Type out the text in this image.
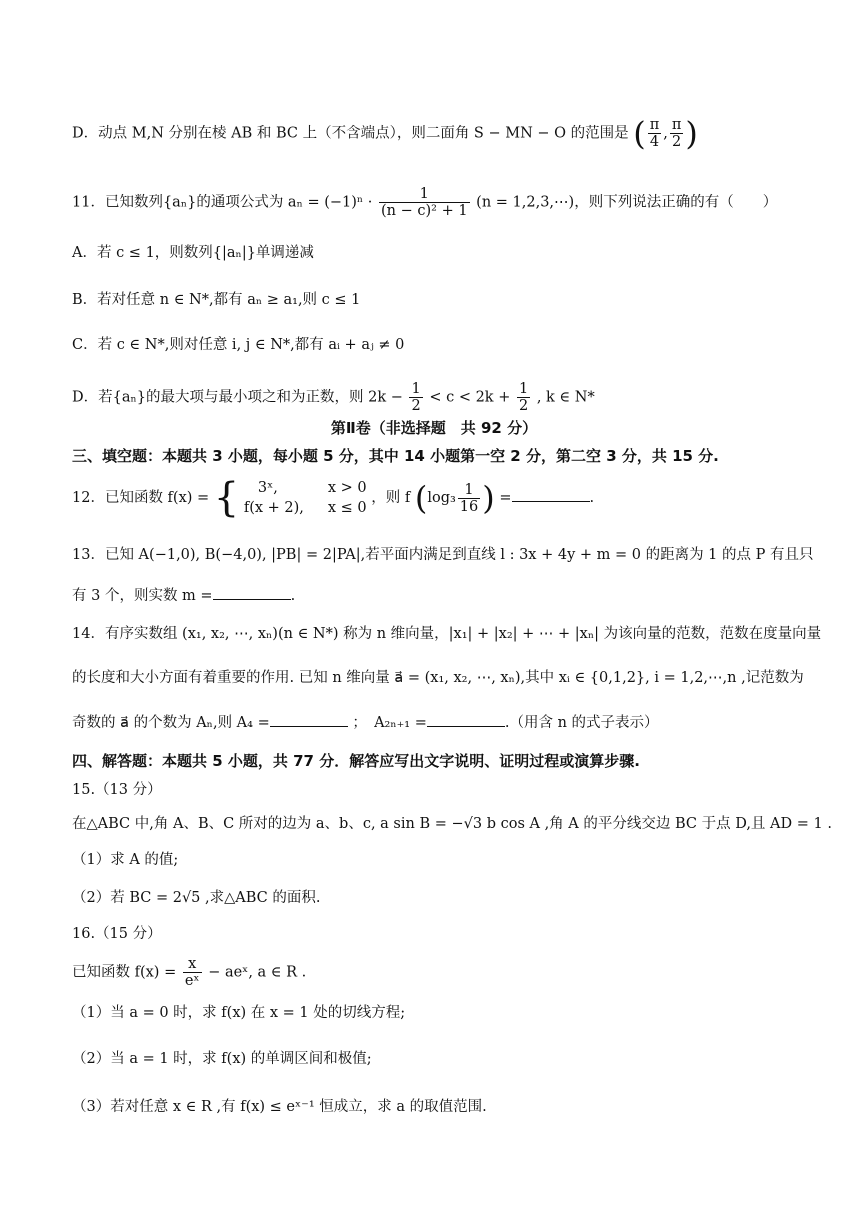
D．动点 M,N 分别在棱 AB 和 BC 上（不含端点），则二面角 S − MN − O 的范围是 ( $\frac{\pi}{4}$ , $\frac{\pi}{2}$ )
11．已知数列{aₙ}的通项公式为 $a_n = (-1)^n \cdot \frac{1}{\text{(n − c)² + 1}} (n$ = 1,2,3,⋯)，则下列说法正确的有（　　）
A．若 c ≤ 1，则数列{|aₙ|}单调递减
B．若对任意 n ∈ N*,都有 aₙ ≥ a₁,则 c ≤ 1
C．若 c ∈ N*,则对任意 i, j ∈ N*,都有 aᵢ + aⱼ ≠ 0
D．若{aₙ}的最大项与最小项之和为正数，则 $2k - \frac{1}{2} < c < 2k + \frac{1}{2}$ , k ∈ N*
第Ⅱ卷（非选择题　共 92 分）
三、填空题：本题共 3 小题，每小题 5 分，其中 14 小题第一空 2 分，第二空 3 分，共 15 分.
12．已知函数 f(x) = {	3ˣ,	x > 0
f(x + 2), x ≤ 0
，则 f ($\log_3 \frac{1}{16}$ ) =	.
13．已知 A(−1,0), B(−4,0), |PB| = 2|PA|,若平面内满足到直线 l : 3x + 4y + m = 0 的距离为 1 的点 P 有且只
有 3 个，则实数 m =	.
14．有序实数组 (x₁, x₂, ⋯, xₙ)(n ∈ N*) 称为 n 维向量，|x₁| + |x₂| + ⋯ + |xₙ| 为该向量的范数，范数在度量向量
的长度和大小方面有着重要的作用. 已知 n 维向量 a⃗ = (x₁, x₂, ⋯, xₙ),其中 xᵢ ∈ {0,1,2}, i = 1,2,⋯,n ,记范数为
奇数的 a⃗ 的个数为 Aₙ,则 A₄ =	；　A₂ₙ₊₁ =	.（用含 n 的式子表示）
四、解答题：本题共 5 小题，共 77 分．解答应写出文字说明、证明过程或演算步骤.
15.（13 分）
在△ABC 中,角 A、B、C 所对的边为 a、b、c, a sin B = −√3 b cos A ,角 A 的平分线交边 BC 于点 D,且 AD = 1 .
（1）求 A 的值;
（2）若 BC = 2√5 ,求△ABC 的面积.
16.（15 分）
已知函数 $f(x) = \frac{x}{\text{eˣ}}$ − aeˣ, a ∈ R .
（1）当 a = 0 时，求 f(x) 在 x = 1 处的切线方程;
（2）当 a = 1 时，求 f(x) 的单调区间和极值;
（3）若对任意 x ∈ R ,有 f(x) ≤ eˣ⁻¹ 恒成立，求 a 的取值范围.
